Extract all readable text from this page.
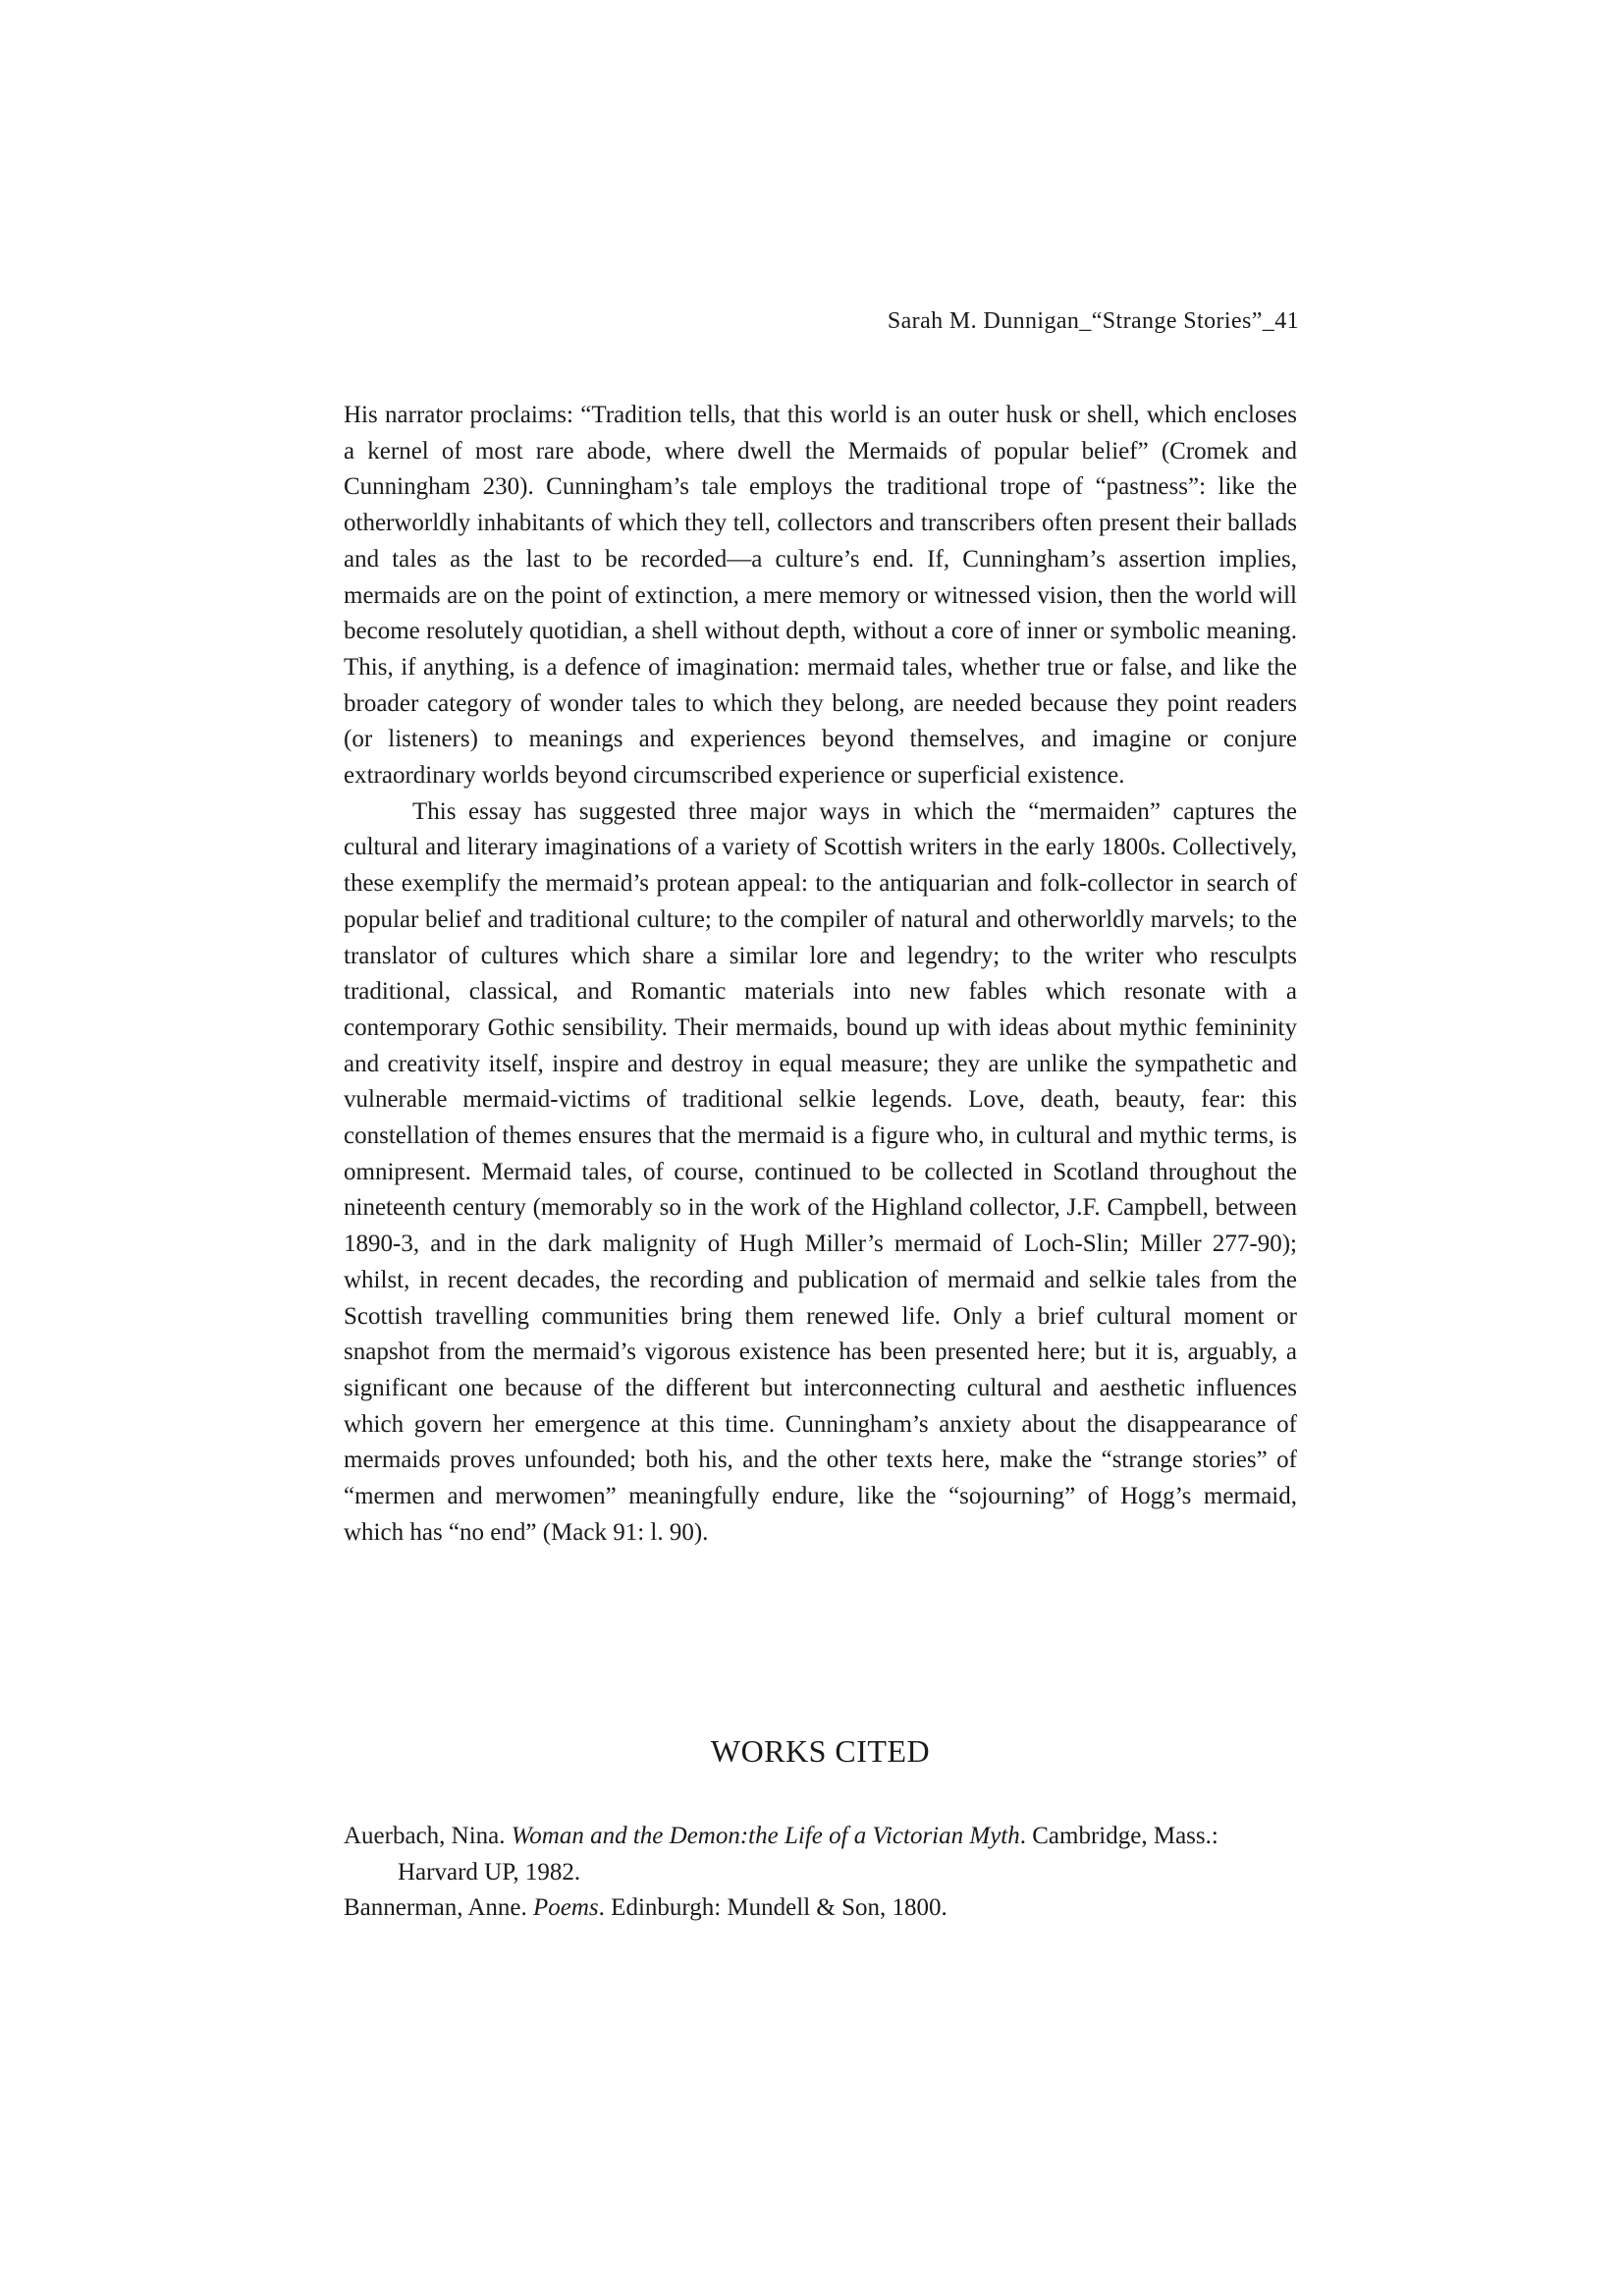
Sarah M. Dunnigan_“Strange Stories”_41

His narrator proclaims: “Tradition tells, that this world is an outer husk or shell, which encloses a kernel of most rare abode, where dwell the Mermaids of popular belief” (Cromek and Cunningham 230). Cunningham’s tale employs the traditional trope of “pastness”: like the otherworldly inhabitants of which they tell, collectors and transcribers often present their ballads and tales as the last to be recorded—a culture’s end. If, Cunningham’s assertion implies, mermaids are on the point of extinction, a mere memory or witnessed vision, then the world will become resolutely quotidian, a shell without depth, without a core of inner or symbolic meaning. This, if anything, is a defence of imagination: mermaid tales, whether true or false, and like the broader category of wonder tales to which they belong, are needed because they point readers (or listeners) to meanings and experiences beyond themselves, and imagine or conjure extraordinary worlds beyond circumscribed experience or superficial existence.

This essay has suggested three major ways in which the “mermaiden” captures the cultural and literary imaginations of a variety of Scottish writers in the early 1800s. Collectively, these exemplify the mermaid’s protean appeal: to the antiquarian and folk-collector in search of popular belief and traditional culture; to the compiler of natural and otherworldly marvels; to the translator of cultures which share a similar lore and legendry; to the writer who resculpts traditional, classical, and Romantic materials into new fables which resonate with a contemporary Gothic sensibility. Their mermaids, bound up with ideas about mythic femininity and creativity itself, inspire and destroy in equal measure; they are unlike the sympathetic and vulnerable mermaid-victims of traditional selkie legends. Love, death, beauty, fear: this constellation of themes ensures that the mermaid is a figure who, in cultural and mythic terms, is omnipresent. Mermaid tales, of course, continued to be collected in Scotland throughout the nineteenth century (memorably so in the work of the Highland collector, J.F. Campbell, between 1890-3, and in the dark malignity of Hugh Miller’s mermaid of Loch-Slin; Miller 277-90); whilst, in recent decades, the recording and publication of mermaid and selkie tales from the Scottish travelling communities bring them renewed life. Only a brief cultural moment or snapshot from the mermaid’s vigorous existence has been presented here; but it is, arguably, a significant one because of the different but interconnecting cultural and aesthetic influences which govern her emergence at this time. Cunningham’s anxiety about the disappearance of mermaids proves unfounded; both his, and the other texts here, make the “strange stories” of “mermen and merwomen” meaningfully endure, like the “sojourning” of Hogg’s mermaid, which has “no end” (Mack 91: l. 90).

WORKS CITED

Auerbach, Nina. Woman and the Demon:the Life of a Victorian Myth. Cambridge, Mass.: Harvard UP, 1982.

Bannerman, Anne. Poems. Edinburgh: Mundell & Son, 1800.
